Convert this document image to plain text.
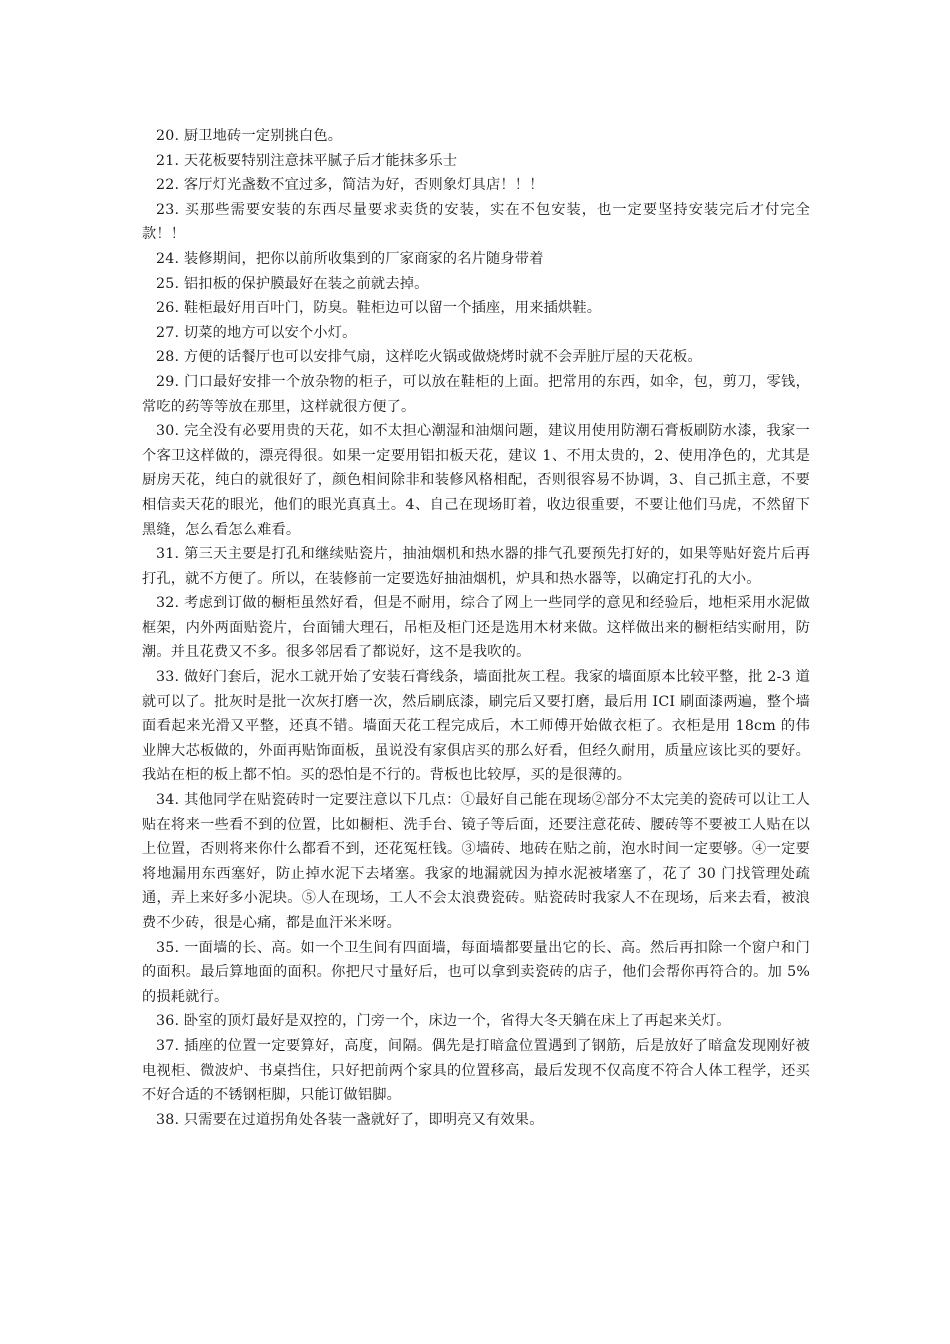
20. 厨卫地砖一定别挑白色。

21. 天花板要特别注意抹平腻子后才能抹多乐士

22. 客厅灯光盏数不宜过多，简洁为好，否则象灯具店！！！

23. 买那些需要安装的东西尽量要求卖货的安装，实在不包安装，也一定要坚持安装完后才付完全款！！

24. 装修期间，把你以前所收集到的厂家商家的名片随身带着

25. 铝扣板的保护膜最好在装之前就去掉。

26. 鞋柜最好用百叶门，防臭。鞋柜边可以留一个插座，用来插烘鞋。

27. 切菜的地方可以安个小灯。

28. 方便的话餐厅也可以安排气扇，这样吃火锅或做烧烤时就不会弄脏厅屋的天花板。

29. 门口最好安排一个放杂物的柜子，可以放在鞋柜的上面。把常用的东西，如伞，包，剪刀，零钱，常吃的药等等放在那里，这样就很方便了。

30. 完全没有必要用贵的天花，如不太担心潮湿和油烟问题，建议用使用防潮石膏板刷防水漆，我家一个客卫这样做的，漂亮得很。如果一定要用铝扣板天花，建议 1、不用太贵的，2、使用净色的，尤其是厨房天花，纯白的就很好了，颜色相间除非和装修风格相配，否则很容易不协调，3、自己抓主意，不要相信卖天花的眼光，他们的眼光真真土。4、自己在现场盯着，收边很重要，不要让他们马虎，不然留下黑缝，怎么看怎么难看。

31. 第三天主要是打孔和继续贴瓷片，抽油烟机和热水器的排气孔要预先打好的，如果等贴好瓷片后再打孔，就不方便了。所以，在装修前一定要选好抽油烟机，炉具和热水器等，以确定打孔的大小。

32. 考虑到订做的橱柜虽然好看，但是不耐用，综合了网上一些同学的意见和经验后，地柜采用水泥做框架，内外两面贴瓷片，台面铺大理石，吊柜及柜门还是选用木材来做。这样做出来的橱柜结实耐用，防潮。并且花费又不多。很多邻居看了都说好，这不是我吹的。

33. 做好门套后，泥水工就开始了安装石膏线条，墙面批灰工程。我家的墙面原本比较平整，批 2-3 道就可以了。批灰时是批一次灰打磨一次，然后刷底漆，刷完后又要打磨，最后用 ICI 刷面漆两遍，整个墙面看起来光滑又平整，还真不错。墙面天花工程完成后，木工师傅开始做衣柜了。衣柜是用 18cm 的伟业牌大芯板做的，外面再贴饰面板，虽说没有家俱店买的那么好看，但经久耐用，质量应该比买的要好。我站在柜的板上都不怕。买的恐怕是不行的。背板也比较厚，买的是很薄的。

34. 其他同学在贴瓷砖时一定要注意以下几点：①最好自己能在现场②部分不太完美的瓷砖可以让工人贴在将来一些看不到的位置，比如橱柜、洗手台、镜子等后面，还要注意花砖、腰砖等不要被工人贴在以上位置，否则将来你什么都看不到，还花冤枉钱。③墙砖、地砖在贴之前，泡水时间一定要够。④一定要将地漏用东西塞好，防止掉水泥下去堵塞。我家的地漏就因为掉水泥被堵塞了，花了 30 门找管理处疏通，弄上来好多小泥块。⑤人在现场，工人不会太浪费瓷砖。贴瓷砖时我家人不在现场，后来去看，被浪费不少砖，很是心痛，都是血汗米米呀。

35. 一面墙的长、高。如一个卫生间有四面墙，每面墙都要量出它的长、高。然后再扣除一个窗户和门的面积。最后算地面的面积。你把尺寸量好后，也可以拿到卖瓷砖的店子，他们会帮你再符合的。加 5%的损耗就行。

36. 卧室的顶灯最好是双控的，门旁一个，床边一个，省得大冬天躺在床上了再起来关灯。

37. 插座的位置一定要算好，高度，间隔。偶先是打暗盒位置遇到了钢筋，后是放好了暗盒发现刚好被电视柜、微波炉、书桌挡住，只好把前两个家具的位置移高，最后发现不仅高度不符合人体工程学，还买不好合适的不锈钢柜脚，只能订做铝脚。

38. 只需要在过道拐角处各装一盏就好了，即明亮又有效果。
